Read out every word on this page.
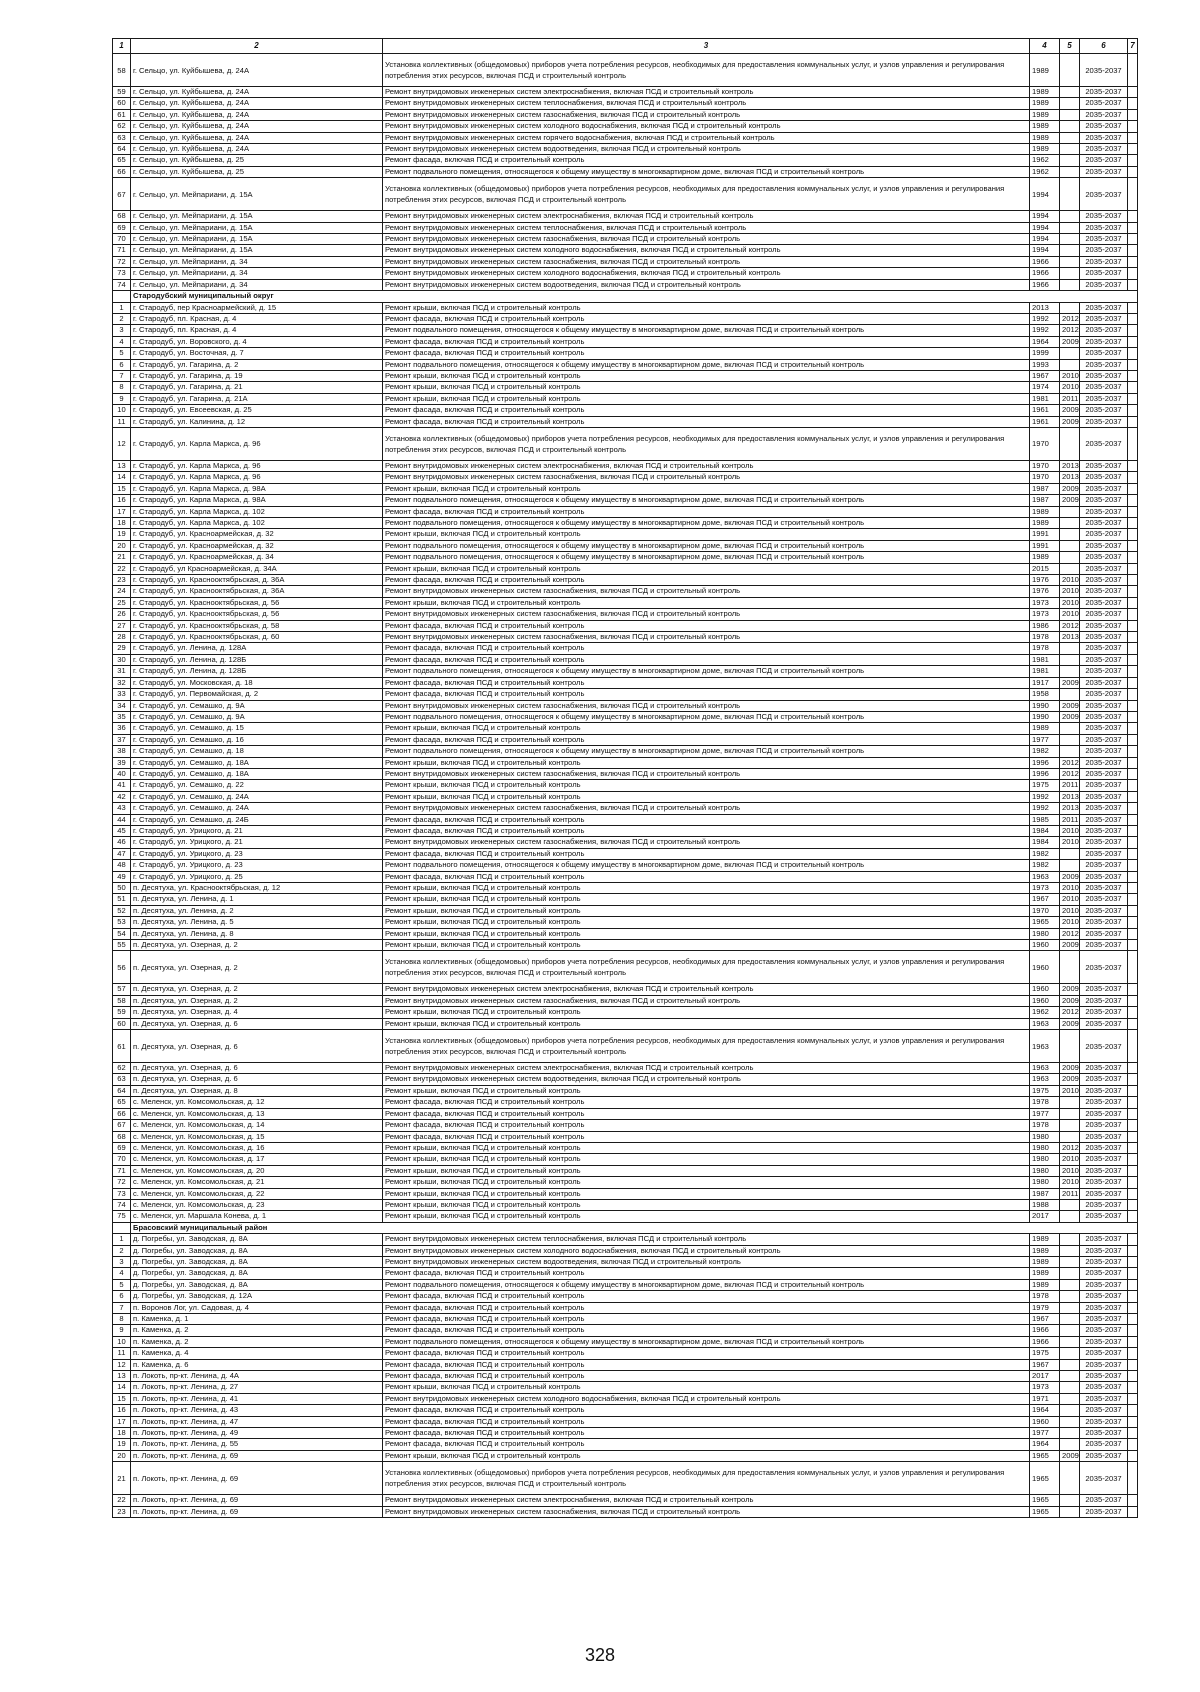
1	2	3	4	5	6	7
58	г. Сельцо, ул. Куйбышева, д. 24А	Установка коллективных (общедомовых) приборов учета потребления ресурсов, необходимых для предоставления коммунальных услуг, и узлов управления и регулирования потребления этих ресурсов, включая ПСД и строительный контроль	1989		2035-2037	
59	г. Сельцо, ул. Куйбышева, д. 24А	Ремонт внутридомовых инженерных систем электроснабжения, включая ПСД и строительный контроль	1989		2035-2037	
60	г. Сельцо, ул. Куйбышева, д. 24А	Ремонт внутридомовых инженерных систем теплоснабжения, включая ПСД и строительный контроль	1989		2035-2037	
61	г. Сельцо, ул. Куйбышева, д. 24А	Ремонт внутридомовых инженерных систем газоснабжения, включая ПСД и строительный контроль	1989		2035-2037	
62	г. Сельцо, ул. Куйбышева, д. 24А	Ремонт внутридомовых инженерных систем холодного водоснабжения, включая ПСД и строительный контроль	1989		2035-2037	
63	г. Сельцо, ул. Куйбышева, д. 24А	Ремонт внутридомовых инженерных систем горячего водоснабжения, включая ПСД и строительный контроль	1989		2035-2037	
64	г. Сельцо, ул. Куйбышева, д. 24А	Ремонт внутридомовых инженерных систем водоотведения, включая ПСД и строительный контроль	1989		2035-2037	
65	г. Сельцо, ул. Куйбышева, д. 25	Ремонт фасада, включая ПСД и строительный контроль	1962		2035-2037	
66	г. Сельцо, ул. Куйбышева, д. 25	Ремонт подвального помещения, относящегося к общему имуществу в многоквартирном доме, включая ПСД и строительный контроль	1962		2035-2037	
67	г. Сельцо, ул. Мейпариани, д. 15А	Установка коллективных (общедомовых) приборов учета потребления ресурсов, необходимых для предоставления коммунальных услуг, и узлов управления и регулирования потребления этих ресурсов, включая ПСД и строительный контроль	1994		2035-2037	
68	г. Сельцо, ул. Мейпариани, д. 15А	Ремонт внутридомовых инженерных систем электроснабжения, включая ПСД и строительный контроль	1994		2035-2037	
69	г. Сельцо, ул. Мейпариани, д. 15А	Ремонт внутридомовых инженерных систем теплоснабжения, включая ПСД и строительный контроль	1994		2035-2037	
70	г. Сельцо, ул. Мейпариани, д. 15А	Ремонт внутридомовых инженерных систем газоснабжения, включая ПСД и строительный контроль	1994		2035-2037	
71	г. Сельцо, ул. Мейпариани, д. 15А	Ремонт внутридомовых инженерных систем холодного водоснабжения, включая ПСД и строительный контроль	1994		2035-2037	
72	г. Сельцо, ул. Мейпариани, д. 34	Ремонт внутридомовых инженерных систем газоснабжения, включая ПСД и строительный контроль	1966		2035-2037	
73	г. Сельцо, ул. Мейпариани, д. 34	Ремонт внутридомовых инженерных систем холодного водоснабжения, включая ПСД и строительный контроль	1966		2035-2037	
74	г. Сельцо, ул. Мейпариани, д. 34	Ремонт внутридомовых инженерных систем водоотведения, включая ПСД и строительный контроль	1966		2035-2037	
	Стародубский муниципальный округ					
1	г. Стародуб, пер Красноармейский, д. 15	Ремонт крыши, включая ПСД и строительный контроль	2013		2035-2037	
2	г. Стародуб, пл. Красная, д. 4	Ремонт фасада, включая ПСД и строительный контроль	1992	2012	2035-2037	
3	г. Стародуб, пл. Красная, д. 4	Ремонт подвального помещения, относящегося к общему имуществу в многоквартирном доме, включая ПСД и строительный контроль	1992	2012	2035-2037	
4	г. Стародуб, ул. Воровского, д. 4	Ремонт фасада, включая ПСД и строительный контроль	1964	2009	2035-2037	
5	г. Стародуб, ул. Восточная, д. 7	Ремонт фасада, включая ПСД и строительный контроль	1999		2035-2037	
6	г. Стародуб, ул. Гагарина, д. 2	Ремонт подвального помещения, относящегося к общему имуществу в многоквартирном доме, включая ПСД и строительный контроль	1993		2035-2037	
7	г. Стародуб, ул. Гагарина, д. 19	Ремонт крыши, включая ПСД и строительный контроль	1967	2010	2035-2037	
8	г. Стародуб, ул. Гагарина, д. 21	Ремонт крыши, включая ПСД и строительный контроль	1974	2010	2035-2037	
9	г. Стародуб, ул. Гагарина, д. 21А	Ремонт крыши, включая ПСД и строительный контроль	1981	2011	2035-2037	
10	г. Стародуб, ул. Евсеевская, д. 25	Ремонт фасада, включая ПСД и строительный контроль	1961	2009	2035-2037	
11	г. Стародуб, ул. Калинина, д. 12	Ремонт фасада, включая ПСД и строительный контроль	1961	2009	2035-2037	
12	г. Стародуб, ул. Карла Маркса, д. 96	Установка коллективных (общедомовых) приборов учета потребления ресурсов, необходимых для предоставления коммунальных услуг, и узлов управления и регулирования потребления этих ресурсов, включая ПСД и строительный контроль	1970		2035-2037	
13	г. Стародуб, ул. Карла Маркса, д. 96	Ремонт внутридомовых инженерных систем электроснабжения, включая ПСД и строительный контроль	1970	2013	2035-2037	
14	г. Стародуб, ул. Карла Маркса, д. 96	Ремонт внутридомовых инженерных систем газоснабжения, включая ПСД и строительный контроль	1970	2013	2035-2037	
15	г. Стародуб, ул. Карла Маркса, д. 98А	Ремонт крыши, включая ПСД и строительный контроль	1987	2009	2035-2037	
16	г. Стародуб, ул. Карла Маркса, д. 98А	Ремонт подвального помещения, относящегося к общему имуществу в многоквартирном доме, включая ПСД и строительный контроль	1987	2009	2035-2037	
17	г. Стародуб, ул. Карла Маркса, д. 102	Ремонт фасада, включая ПСД и строительный контроль	1989		2035-2037	
18	г. Стародуб, ул. Карла Маркса, д. 102	Ремонт подвального помещения, относящегося к общему имуществу в многоквартирном доме, включая ПСД и строительный контроль	1989		2035-2037	
19	г. Стародуб, ул. Красноармейская, д. 32	Ремонт крыши, включая ПСД и строительный контроль	1991		2035-2037	
20	г. Стародуб, ул. Красноармейская, д. 32	Ремонт подвального помещения, относящегося к общему имуществу в многоквартирном доме, включая ПСД и строительный контроль	1991		2035-2037	
21	г. Стародуб, ул. Красноармейская, д. 34	Ремонт подвального помещения, относящегося к общему имуществу в многоквартирном доме, включая ПСД и строительный контроль	1989		2035-2037	
22	г. Стародуб, ул Красноармейская, д. 34А	Ремонт крыши, включая ПСД и строительный контроль	2015		2035-2037	
23	г. Стародуб, ул. Краснооктябрьская, д. 36А	Ремонт фасада, включая ПСД и строительный контроль	1976	2010	2035-2037	
24	г. Стародуб, ул. Краснооктябрьская, д. 36А	Ремонт внутридомовых инженерных систем газоснабжения, включая ПСД и строительный контроль	1976	2010	2035-2037	
25	г. Стародуб, ул. Краснооктябрьская, д. 56	Ремонт крыши, включая ПСД и строительный контроль	1973	2010	2035-2037	
26	г. Стародуб, ул. Краснооктябрьская, д. 56	Ремонт внутридомовых инженерных систем газоснабжения, включая ПСД и строительный контроль	1973	2010	2035-2037	
27	г. Стародуб, ул. Краснооктябрьская, д. 58	Ремонт фасада, включая ПСД и строительный контроль	1986	2012	2035-2037	
28	г. Стародуб, ул. Краснооктябрьская, д. 60	Ремонт внутридомовых инженерных систем газоснабжения, включая ПСД и строительный контроль	1978	2013	2035-2037	
29	г. Стародуб, ул. Ленина, д. 128А	Ремонт фасада, включая ПСД и строительный контроль	1978		2035-2037	
30	г. Стародуб, ул. Ленина, д. 128Б	Ремонт фасада, включая ПСД и строительный контроль	1981		2035-2037	
31	г. Стародуб, ул. Ленина, д. 128Б	Ремонт подвального помещения, относящегося к общему имуществу в многоквартирном доме, включая ПСД и строительный контроль	1981		2035-2037	
32	г. Стародуб, ул. Московская, д. 18	Ремонт фасада, включая ПСД и строительный контроль	1917	2009	2035-2037	
33	г. Стародуб, ул. Первомайская, д. 2	Ремонт фасада, включая ПСД и строительный контроль	1958		2035-2037	
34	г. Стародуб, ул. Семашко, д. 9А	Ремонт внутридомовых инженерных систем газоснабжения, включая ПСД и строительный контроль	1990	2009	2035-2037	
35	г. Стародуб, ул. Семашко, д. 9А	Ремонт подвального помещения, относящегося к общему имуществу в многоквартирном доме, включая ПСД и строительный контроль	1990	2009	2035-2037	
36	г. Стародуб, ул. Семашко, д. 15	Ремонт крыши, включая ПСД и строительный контроль	1989		2035-2037	
37	г. Стародуб, ул. Семашко, д. 16	Ремонт фасада, включая ПСД и строительный контроль	1977		2035-2037	
38	г. Стародуб, ул. Семашко, д. 18	Ремонт подвального помещения, относящегося к общему имуществу в многоквартирном доме, включая ПСД и строительный контроль	1982		2035-2037	
39	г. Стародуб, ул. Семашко, д. 18А	Ремонт крыши, включая ПСД и строительный контроль	1996	2012	2035-2037	
40	г. Стародуб, ул. Семашко, д. 18А	Ремонт внутридомовых инженерных систем газоснабжения, включая ПСД и строительный контроль	1996	2012	2035-2037	
41	г. Стародуб, ул. Семашко, д. 22	Ремонт крыши, включая ПСД и строительный контроль	1975	2011	2035-2037	
42	г. Стародуб, ул. Семашко, д. 24А	Ремонт крыши, включая ПСД и строительный контроль	1992	2013	2035-2037	
43	г. Стародуб, ул. Семашко, д. 24А	Ремонт внутридомовых инженерных систем газоснабжения, включая ПСД и строительный контроль	1992	2013	2035-2037	
44	г. Стародуб, ул. Семашко, д. 24Б	Ремонт фасада, включая ПСД и строительный контроль	1985	2011	2035-2037	
45	г. Стародуб, ул. Урицкого, д. 21	Ремонт фасада, включая ПСД и строительный контроль	1984	2010	2035-2037	
46	г. Стародуб, ул. Урицкого, д. 21	Ремонт внутридомовых инженерных систем газоснабжения, включая ПСД и строительный контроль	1984	2010	2035-2037	
47	г. Стародуб, ул. Урицкого, д. 23	Ремонт фасада, включая ПСД и строительный контроль	1982		2035-2037	
48	г. Стародуб, ул. Урицкого, д. 23	Ремонт подвального помещения, относящегося к общему имуществу в многоквартирном доме, включая ПСД и строительный контроль	1982		2035-2037	
49	г. Стародуб, ул. Урицкого, д. 25	Ремонт фасада, включая ПСД и строительный контроль	1963	2009	2035-2037	
50	п. Десятуха, ул. Краснооктябрьская, д. 12	Ремонт крыши, включая ПСД и строительный контроль	1973	2010	2035-2037	
51	п. Десятуха, ул. Ленина, д. 1	Ремонт крыши, включая ПСД и строительный контроль	1967	2010	2035-2037	
52	п. Десятуха, ул. Ленина, д. 2	Ремонт крыши, включая ПСД и строительный контроль	1970	2010	2035-2037	
53	п. Десятуха, ул. Ленина, д. 5	Ремонт крыши, включая ПСД и строительный контроль	1965	2010	2035-2037	
54	п. Десятуха, ул. Ленина, д. 8	Ремонт крыши, включая ПСД и строительный контроль	1980	2012	2035-2037	
55	п. Десятуха, ул. Озерная, д. 2	Ремонт крыши, включая ПСД и строительный контроль	1960	2009	2035-2037	
56	п. Десятуха, ул. Озерная, д. 2	Установка коллективных (общедомовых) приборов учета потребления ресурсов, необходимых для предоставления коммунальных услуг, и узлов управления и регулирования потребления этих ресурсов, включая ПСД и строительный контроль	1960		2035-2037	
57	п. Десятуха, ул. Озерная, д. 2	Ремонт внутридомовых инженерных систем электроснабжения, включая ПСД и строительный контроль	1960	2009	2035-2037	
58	п. Десятуха, ул. Озерная, д. 2	Ремонт внутридомовых инженерных систем газоснабжения, включая ПСД и строительный контроль	1960	2009	2035-2037	
59	п. Десятуха, ул. Озерная, д. 4	Ремонт крыши, включая ПСД и строительный контроль	1962	2012	2035-2037	
60	п. Десятуха, ул. Озерная, д. 6	Ремонт крыши, включая ПСД и строительный контроль	1963	2009	2035-2037	
61	п. Десятуха, ул. Озерная, д. 6	Установка коллективных (общедомовых) приборов учета потребления ресурсов, необходимых для предоставления коммунальных услуг, и узлов управления и регулирования потребления этих ресурсов, включая ПСД и строительный контроль	1963		2035-2037	
62	п. Десятуха, ул. Озерная, д. 6	Ремонт внутридомовых инженерных систем электроснабжения, включая ПСД и строительный контроль	1963	2009	2035-2037	
63	п. Десятуха, ул. Озерная, д. 6	Ремонт внутридомовых инженерных систем водоотведения, включая ПСД и строительный контроль	1963	2009	2035-2037	
64	п. Десятуха, ул. Озерная, д. 8	Ремонт крыши, включая ПСД и строительный контроль	1975	2010	2035-2037	
65	с. Меленск, ул. Комсомольская, д. 12	Ремонт фасада, включая ПСД и строительный контроль	1978		2035-2037	
66	с. Меленск, ул. Комсомольская, д. 13	Ремонт фасада, включая ПСД и строительный контроль	1977		2035-2037	
67	с. Меленск, ул. Комсомольская, д. 14	Ремонт фасада, включая ПСД и строительный контроль	1978		2035-2037	
68	с. Меленск, ул. Комсомольская, д. 15	Ремонт фасада, включая ПСД и строительный контроль	1980		2035-2037	
69	с. Меленск, ул. Комсомольская, д. 16	Ремонт крыши, включая ПСД и строительный контроль	1980	2012	2035-2037	
70	с. Меленск, ул. Комсомольская, д. 17	Ремонт крыши, включая ПСД и строительный контроль	1980	2010	2035-2037	
71	с. Меленск, ул. Комсомольская, д. 20	Ремонт крыши, включая ПСД и строительный контроль	1980	2010	2035-2037	
72	с. Меленск, ул. Комсомольская, д. 21	Ремонт крыши, включая ПСД и строительный контроль	1980	2010	2035-2037	
73	с. Меленск, ул. Комсомольская, д. 22	Ремонт крыши, включая ПСД и строительный контроль	1987	2011	2035-2037	
74	с. Меленск, ул. Комсомольская, д. 23	Ремонт крыши, включая ПСД и строительный контроль	1988		2035-2037	
75	с. Меленск, ул. Маршала Конева, д. 1	Ремонт крыши, включая ПСД и строительный контроль	2017		2035-2037	
	Брасовский муниципальный район					
1	д. Погребы, ул. Заводская, д. 8А	Ремонт внутридомовых инженерных систем теплоснабжения, включая ПСД и строительный контроль	1989		2035-2037	
2	д. Погребы, ул. Заводская, д. 8А	Ремонт внутридомовых инженерных систем холодного водоснабжения, включая ПСД и строительный контроль	1989		2035-2037	
3	д. Погребы, ул. Заводская, д. 8А	Ремонт внутридомовых инженерных систем водоотведения, включая ПСД и строительный контроль	1989		2035-2037	
4	д. Погребы, ул. Заводская, д. 8А	Ремонт фасада, включая ПСД и строительный контроль	1989		2035-2037	
5	д. Погребы, ул. Заводская, д. 8А	Ремонт подвального помещения, относящегося к общему имуществу в многоквартирном доме, включая ПСД и строительный контроль	1989		2035-2037	
6	д. Погребы, ул. Заводская, д. 12А	Ремонт фасада, включая ПСД и строительный контроль	1978		2035-2037	
7	п. Воронов Лог, ул. Садовая, д. 4	Ремонт фасада, включая ПСД и строительный контроль	1979		2035-2037	
8	п. Каменка, д. 1	Ремонт фасада, включая ПСД и строительный контроль	1967		2035-2037	
9	п. Каменка, д. 2	Ремонт фасада, включая ПСД и строительный контроль	1966		2035-2037	
10	п. Каменка, д. 2	Ремонт подвального помещения, относящегося к общему имуществу в многоквартирном доме, включая ПСД и строительный контроль	1966		2035-2037	
11	п. Каменка, д. 4	Ремонт фасада, включая ПСД и строительный контроль	1975		2035-2037	
12	п. Каменка, д. 6	Ремонт фасада, включая ПСД и строительный контроль	1967		2035-2037	
13	п. Локоть, пр-кт. Ленина, д. 4А	Ремонт фасада, включая ПСД и строительный контроль	2017		2035-2037	
14	п. Локоть, пр-кт. Ленина, д. 27	Ремонт крыши, включая ПСД и строительный контроль	1973		2035-2037	
15	п. Локоть, пр-кт. Ленина, д. 41	Ремонт внутридомовых инженерных систем холодного водоснабжения, включая ПСД и строительный контроль	1971		2035-2037	
16	п. Локоть, пр-кт. Ленина, д. 43	Ремонт фасада, включая ПСД и строительный контроль	1964		2035-2037	
17	п. Локоть, пр-кт. Ленина, д. 47	Ремонт фасада, включая ПСД и строительный контроль	1960		2035-2037	
18	п. Локоть, пр-кт. Ленина, д. 49	Ремонт фасада, включая ПСД и строительный контроль	1977		2035-2037	
19	п. Локоть, пр-кт. Ленина, д. 55	Ремонт фасада, включая ПСД и строительный контроль	1964		2035-2037	
20	п. Локоть, пр-кт. Ленина, д. 69	Ремонт крыши, включая ПСД и строительный контроль	1965	2009	2035-2037	
21	п. Локоть, пр-кт. Ленина, д. 69	Установка коллективных (общедомовых) приборов учета потребления ресурсов, необходимых для предоставления коммунальных услуг, и узлов управления и регулирования потребления этих ресурсов, включая ПСД и строительный контроль	1965		2035-2037	
22	п. Локоть, пр-кт. Ленина, д. 69	Ремонт внутридомовых инженерных систем электроснабжения, включая ПСД и строительный контроль	1965		2035-2037	
23	п. Локоть, пр-кт. Ленина, д. 69	Ремонт внутридомовых инженерных систем газоснабжения, включая ПСД и строительный контроль	1965		2035-2037	
328
